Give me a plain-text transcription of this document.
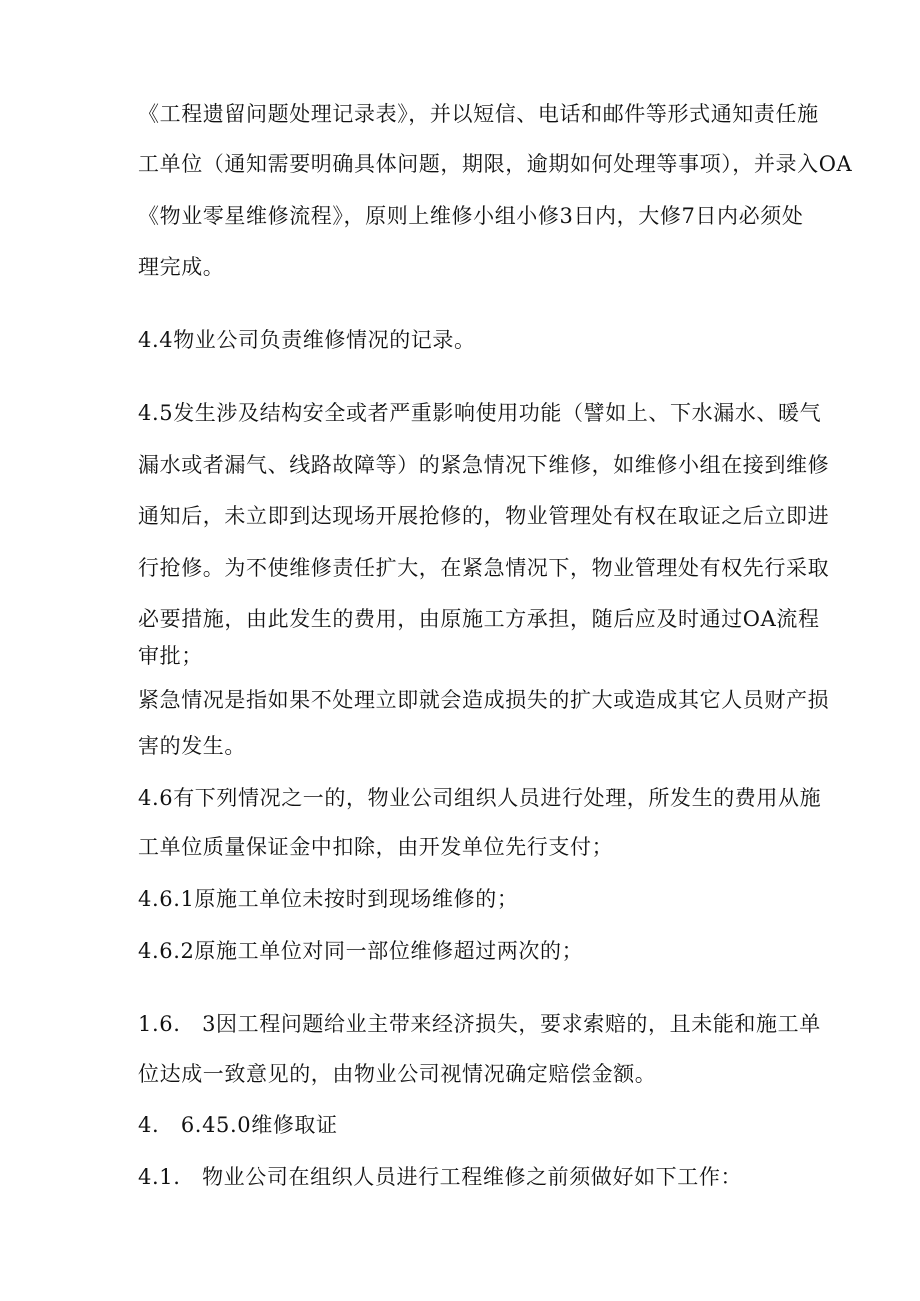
《工程遗留问题处理记录表》，并以短信、电话和邮件等形式通知责任施
工单位（通知需要明确具体问题，期限，逾期如何处理等事项），并录入OA
《物业零星维修流程》，原则上维修小组小修3日内，大修7日内必须处
理完成。
4.4物业公司负责维修情况的记录。
4.5发生涉及结构安全或者严重影响使用功能（譬如上、下水漏水、暖气
漏水或者漏气、线路故障等）的紧急情况下维修，如维修小组在接到维修
通知后，未立即到达现场开展抢修的，物业管理处有权在取证之后立即进
行抢修。为不使维修责任扩大，在紧急情况下，物业管理处有权先行采取
必要措施，由此发生的费用，由原施工方承担，随后应及时通过OA流程
审批；
紧急情况是指如果不处理立即就会造成损失的扩大或造成其它人员财产损
害的发生。
4.6有下列情况之一的，物业公司组织人员进行处理，所发生的费用从施
工单位质量保证金中扣除，由开发单位先行支付；
4.6.1原施工单位未按时到现场维修的；
4.6.2原施工单位对同一部位维修超过两次的；
1.6.　3因工程问题给业主带来经济损失，要求索赔的，且未能和施工单
位达成一致意见的，由物业公司视情况确定赔偿金额。
4.　6.45.0维修取证
4.1.　物业公司在组织人员进行工程维修之前须做好如下工作：
